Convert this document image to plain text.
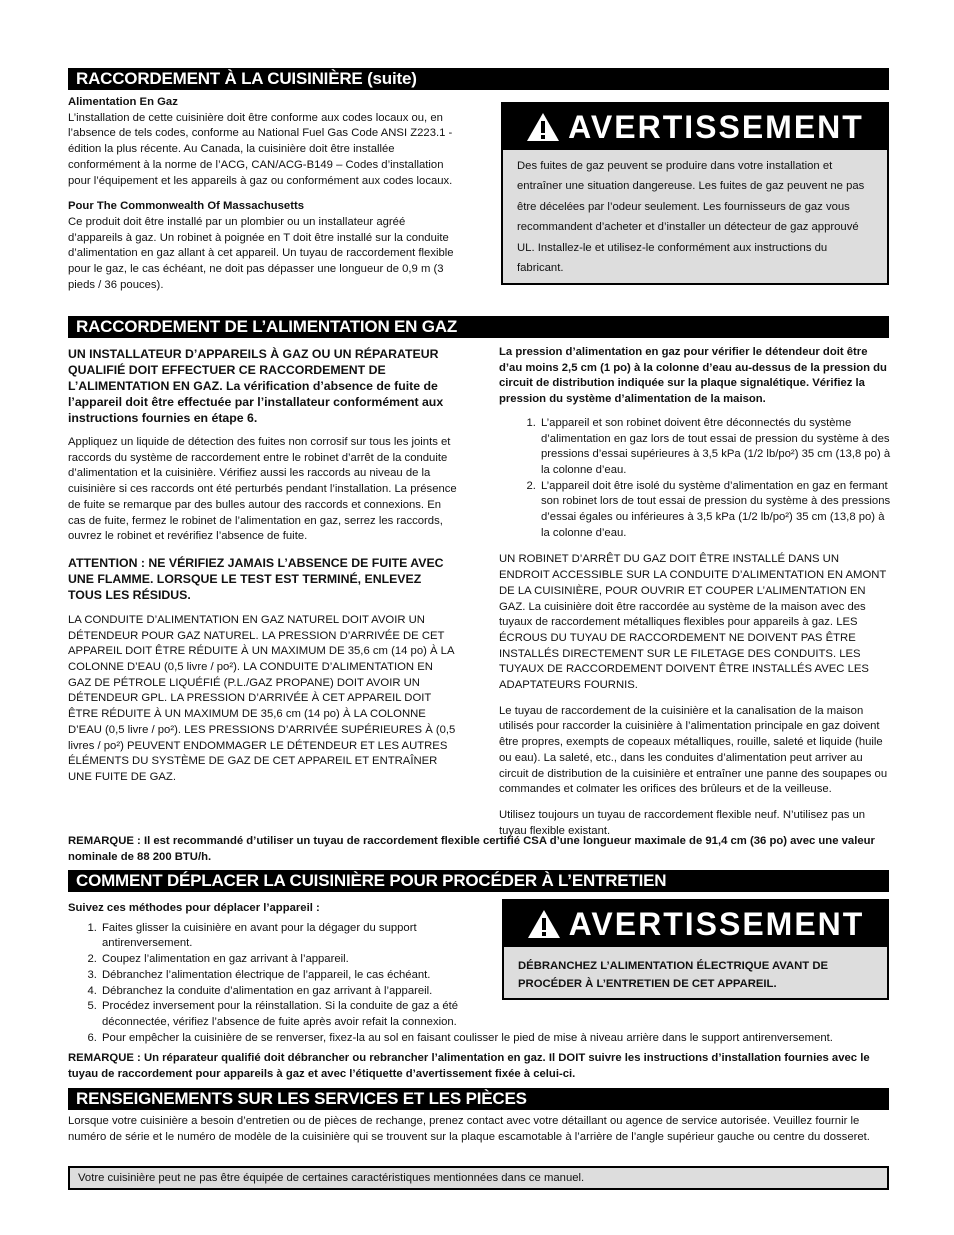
RACCORDEMENT À LA CUISINIÈRE (suite)

Alimentation En Gaz

L’installation de cette cuisinière doit être conforme aux codes locaux ou, en l’absence de tels codes, conforme au National Fuel Gas Code ANSI Z223.1 - édition la plus récente. Au Canada, la cuisinière doit être installée conformément à la norme de l’ACG, CAN/ACG-B149 – Codes d’installation pour l’équipement et les appareils à gaz ou conformément aux codes locaux.

Pour The Commonwealth Of Massachusetts

Ce produit doit être installé par un plombier ou un installateur agréé d’appareils à gaz. Un robinet à poignée en T doit être installé sur la conduite d’alimentation en gaz allant à cet appareil. Un tuyau de raccordement flexible pour le gaz, le cas échéant, ne doit pas dépasser une longueur de 0,9 m (3 pieds / 36 pouces).

AVERTISSEMENT

Des fuites de gaz peuvent se produire dans votre installation et entraîner une situation dangereuse. Les fuites de gaz peuvent ne pas être décelées par l’odeur seulement. Les fournisseurs de gaz vous recommandent d’acheter et d’installer un détecteur de gaz approuvé UL. Installez-le et utilisez-le conformément aux instructions du fabricant.

RACCORDEMENT DE L’ALIMENTATION EN GAZ

UN INSTALLATEUR D’APPAREILS À GAZ OU UN RÉPARATEUR QUALIFIÉ DOIT EFFECTUER CE RACCORDEMENT DE L’ALIMENTATION EN GAZ. La vérification d’absence de fuite de l’appareil doit être effectuée par l’installateur conformément aux instructions fournies en étape 6.

Appliquez un liquide de détection des fuites non corrosif sur tous les joints et raccords du système de raccordement entre le robinet d’arrêt de la conduite d’alimentation et la cuisinière. Vérifiez aussi les raccords au niveau de la cuisinière si ces raccords ont été perturbés pendant l’installation. La présence de fuite se remarque par des bulles autour des raccords et connexions. En cas de fuite, fermez le robinet de l’alimentation en gaz, serrez les raccords, ouvrez le robinet et revérifiez l’absence de fuite.

ATTENTION : NE VÉRIFIEZ JAMAIS L’ABSENCE DE FUITE AVEC UNE FLAMME. LORSQUE LE TEST EST TERMINÉ, ENLEVEZ TOUS LES RÉSIDUS.

LA CONDUITE D’ALIMENTATION EN GAZ NATUREL DOIT AVOIR UN DÉTENDEUR POUR GAZ NATUREL. LA PRESSION D’ARRIVÉE DE CET APPAREIL DOIT ÊTRE RÉDUITE À UN MAXIMUM DE 35,6 cm (14 po) À LA COLONNE D’EAU (0,5 livre / po²). LA CONDUITE D’ALIMENTATION EN GAZ DE PÉTROLE LIQUÉFIÉ (P.L./GAZ PROPANE) DOIT AVOIR UN DÉTENDEUR GPL. LA PRESSION D’ARRIVÉE À CET APPAREIL DOIT ÊTRE RÉDUITE À UN MAXIMUM DE 35,6 cm (14 po) À LA COLONNE D’EAU (0,5 livre / po²). LES PRESSIONS D’ARRIVÉE SUPÉRIEURES À (0,5 livres / po²) PEUVENT ENDOMMAGER LE DÉTENDEUR ET LES AUTRES ÉLÉMENTS DU SYSTÈME DE GAZ DE CET APPAREIL ET ENTRAÎNER UNE FUITE DE GAZ.

La pression d’alimentation en gaz pour vérifier le détendeur doit être d’au moins 2,5 cm (1 po) à la colonne d’eau au-dessus de la pression du circuit de distribution indiquée sur la plaque signalétique. Vérifiez la pression du système d’alimentation de la maison.

1. L’appareil et son robinet doivent être déconnectés du système d’alimentation en gaz lors de tout essai de pression du système à des pressions d’essai supérieures à 3,5 kPa (1/2 lb/po²) 35 cm (13,8 po) à la colonne d’eau.
2. L’appareil doit être isolé du système d’alimentation en gaz en fermant son robinet lors de tout essai de pression du système à des pressions d’essai égales ou inférieures à 3,5 kPa (1/2 lb/po²) 35 cm (13,8 po) à la colonne d’eau.

UN ROBINET D’ARRÊT DU GAZ DOIT ÊTRE INSTALLÉ DANS UN ENDROIT ACCESSIBLE SUR LA CONDUITE D’ALIMENTATION EN AMONT DE LA CUISINIÈRE, POUR OUVRIR ET COUPER L’ALIMENTATION EN GAZ. La cuisinière doit être raccordée au système de la maison avec des tuyaux de raccordement métalliques flexibles pour appareils à gaz. LES ÉCROUS DU TUYAU DE RACCORDEMENT NE DOIVENT PAS ÊTRE INSTALLÉS DIRECTEMENT SUR LE FILETAGE DES CONDUITS. LES TUYAUX DE RACCORDEMENT DOIVENT ÊTRE INSTALLÉS AVEC LES ADAPTATEURS FOURNIS.

Le tuyau de raccordement de la cuisinière et la canalisation de la maison utilisés pour raccorder la cuisinière à l’alimentation principale en gaz doivent être propres, exempts de copeaux métalliques, rouille, saleté et liquide (huile ou eau). La saleté, etc., dans les conduites d’alimentation peut arriver au circuit de distribution de la cuisinière et entraîner une panne des soupapes ou commandes et colmater les orifices des brûleurs et de la veilleuse.

Utilisez toujours un tuyau de raccordement flexible neuf. N’utilisez pas un tuyau flexible existant.

REMARQUE : Il est recommandé d’utiliser un tuyau de raccordement flexible certifié CSA d’une longueur maximale de 91,4 cm (36 po) avec une valeur nominale de 88 200 BTU/h.

COMMENT DÉPLACER LA CUISINIÈRE POUR PROCÉDER À L’ENTRETIEN

Suivez ces méthodes pour déplacer l’appareil :

1. Faites glisser la cuisinière en avant pour la dégager du support antirenversement.
2. Coupez l’alimentation en gaz arrivant à l’appareil.
3. Débranchez l’alimentation électrique de l’appareil, le cas échéant.
4. Débranchez la conduite d’alimentation en gaz arrivant à l’appareil.
5. Procédez inversement pour la réinstallation. Si la conduite de gaz a été déconnectée, vérifiez l’absence de fuite après avoir refait la connexion.
6. Pour empêcher la cuisinière de se renverser, fixez-la au sol en faisant coulisser le pied de mise à niveau arrière dans le support antirenversement.
AVERTISSEMENT

DÉBRANCHEZ L’ALIMENTATION ÉLECTRIQUE AVANT DE PROCÉDER À L’ENTRETIEN DE CET APPAREIL.

REMARQUE : Un réparateur qualifié doit débrancher ou rebrancher l’alimentation en gaz. Il DOIT suivre les instructions d’installation fournies avec le tuyau de raccordement pour appareils à gaz et avec l’étiquette d’avertissement fixée à celui-ci.

RENSEIGNEMENTS SUR LES SERVICES ET LES PIÈCES

Lorsque votre cuisinière a besoin d’entretien ou de pièces de rechange, prenez contact avec votre détaillant ou agence de service autorisée. Veuillez fournir le numéro de série et le numéro de modèle de la cuisinière qui se trouvent sur la plaque escamotable à l’arrière de l’angle supérieur gauche ou centre du dosseret.

Votre cuisinière peut ne pas être équipée de certaines caractéristiques mentionnées dans ce manuel.
